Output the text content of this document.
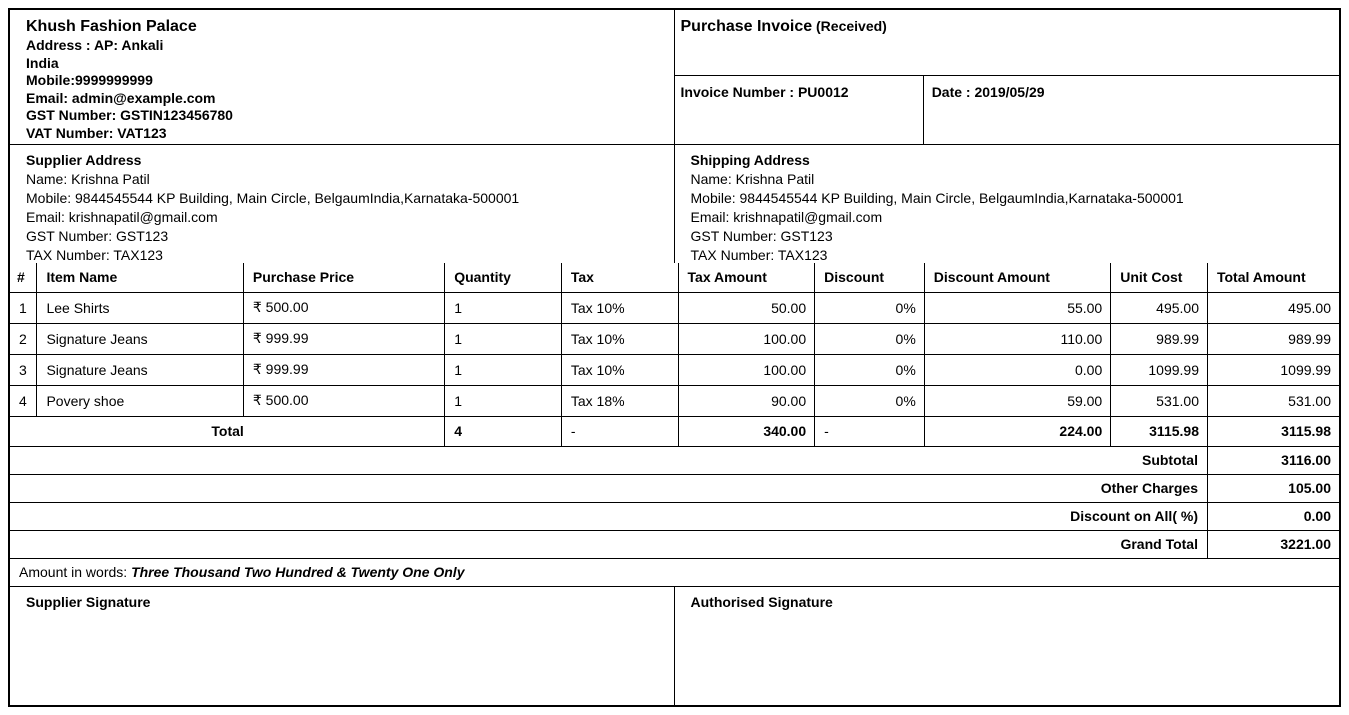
Khush Fashion Palace
Address : AP: Ankali
India
Mobile:9999999999
Email: admin@example.com
GST Number: GSTIN123456780
VAT Number: VAT123
Purchase Invoice (Received)
Invoice Number : PU0012	Date : 2019/05/29
Supplier Address
Name: Krishna Patil
Mobile: 9844545544 KP Building, Main Circle, BelgaumIndia,Karnataka-500001
Email: krishnapatil@gmail.com
GST Number: GST123
TAX Number: TAX123
Shipping Address
Name: Krishna Patil
Mobile: 9844545544 KP Building, Main Circle, BelgaumIndia,Karnataka-500001
Email: krishnapatil@gmail.com
GST Number: GST123
TAX Number: TAX123
#	Item Name	Purchase Price	Quantity	Tax	Tax Amount	Discount	Discount Amount	Unit Cost	Total Amount
1	Lee Shirts	₹ 500.00	1	Tax 10%	50.00	0%	55.00	495.00	495.00
2	Signature Jeans	₹ 999.99	1	Tax 10%	100.00	0%	110.00	989.99	989.99
3	Signature Jeans	₹ 999.99	1	Tax 10%	100.00	0%	0.00	1099.99	1099.99
4	Povery shoe	₹ 500.00	1	Tax 18%	90.00	0%	59.00	531.00	531.00
Total			4	-	340.00	-	224.00	3115.98	3115.98
Subtotal									3116.00
Other Charges									105.00
Discount on All( %)									0.00
Grand Total									3221.00
Amount in words: Three Thousand Two Hundred & Twenty One Only									
Supplier Signature	Authorised Signature
